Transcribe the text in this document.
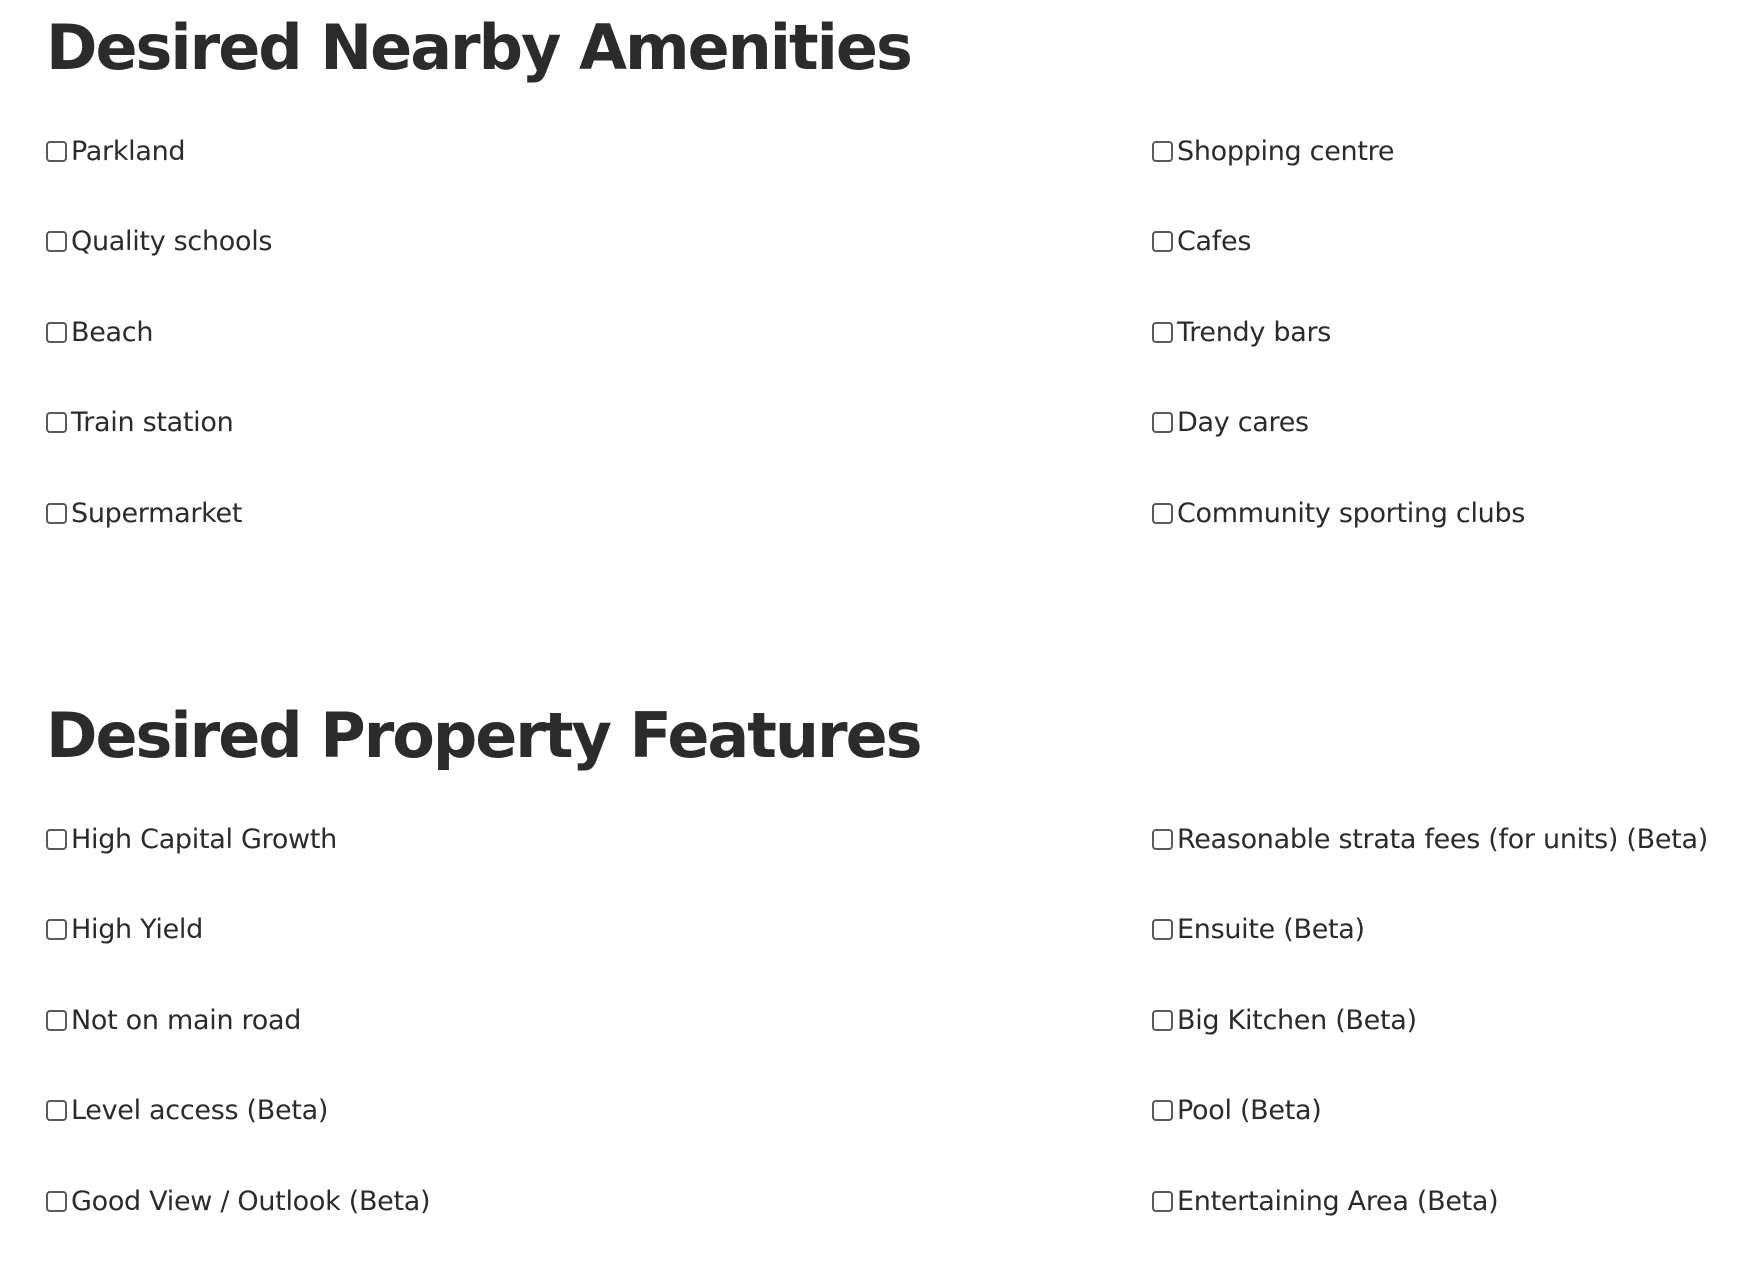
Desired Nearby Amenities
Parkland
Quality schools
Beach
Train station
Supermarket
Shopping centre
Cafes
Trendy bars
Day cares
Community sporting clubs
Desired Property Features
High Capital Growth
High Yield
Not on main road
Level access (Beta)
Good View / Outlook (Beta)
Reasonable strata fees (for units) (Beta)
Ensuite (Beta)
Big Kitchen (Beta)
Pool (Beta)
Entertaining Area (Beta)
